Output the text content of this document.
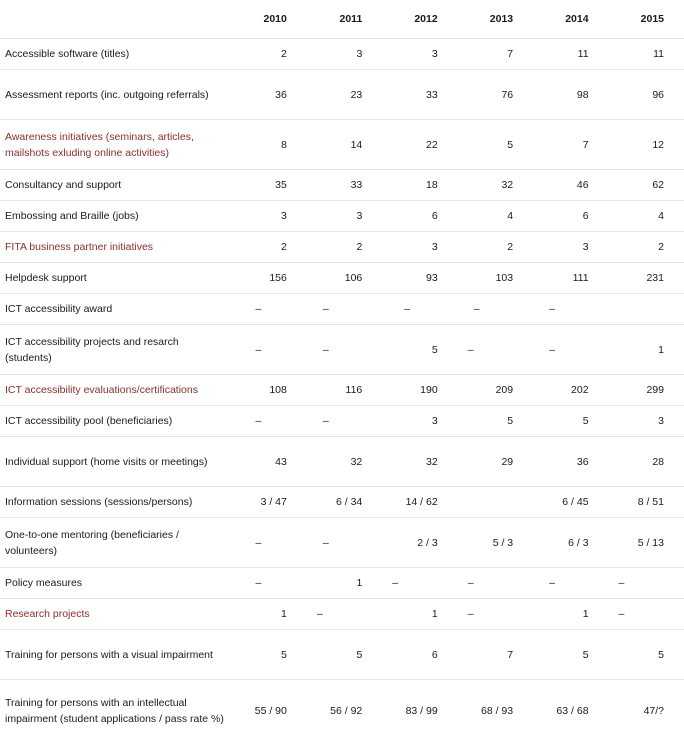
	2010	2011	2012	2013	2014	2015
Accessible software (titles)	2	3	3	7	11	11
Assessment reports (inc. outgoing referrals)	36	23	33	76	98	96
Awareness initiatives (seminars, articles, mailshots exluding online activities)	8	14	22	5	7	12
Consultancy and support	35	33	18	32	46	62
Embossing and Braille (jobs)	3	3	6	4	6	4
FITA business partner initiatives	2	2	3	2	3	2
Helpdesk support	156	106	93	103	111	231
ICT accessibility award	–	–	–	–	–	
ICT accessibility projects and resarch (students)	–	–	5	–	–	1
ICT accessibility evaluations/certifications	108	116	190	209	202	299
ICT accessibility pool (beneficiaries)	–	–	3	5	5	3
Individual support (home visits or meetings)	43	32	32	29	36	28
Information sessions (sessions/persons)	3 / 47	6 / 34	14 / 62		6 / 45	8 / 51
One-to-one mentoring (beneficiaries / volunteers)	–	–	2 / 3	5 / 3	6 / 3	5 / 13
Policy measures	–	1	–	–	–	–
Research projects	1	–	1	–	1	–
Training for persons with a visual impairment	5	5	6	7	5	5
Training for persons with an intellectual impairment (student applications / pass rate %)	55 / 90	56 / 92	83 / 99	68 / 93	63 / 68	47/?
